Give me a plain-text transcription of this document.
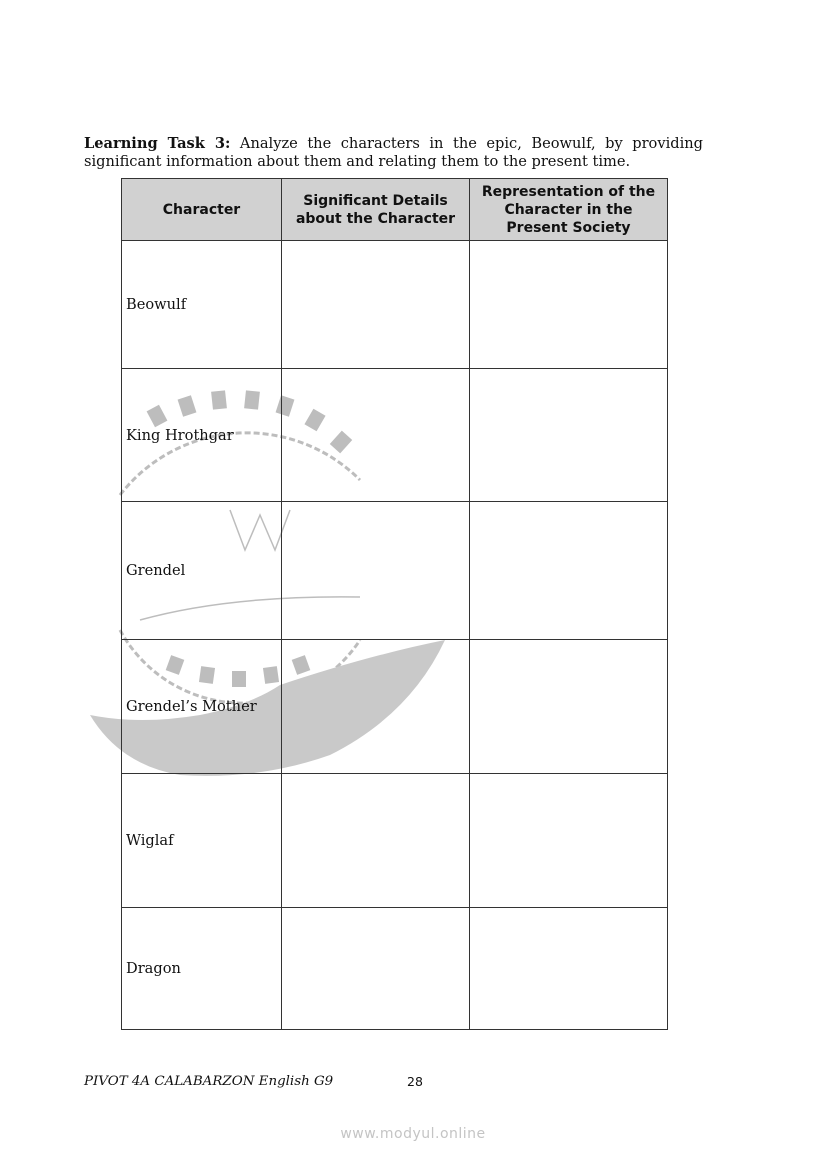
Learning Task 3: Analyze the characters in the epic, Beowulf, by providing significant information about them and relating them to the present time.

Character	Significant Details about the Character	Representation of the Character in the Present Society

Beowulf		
King Hrothgar		
Grendel		
Grendel’s Mother		
Wiglaf		
Dragon		
PIVOT 4A CALABARZON English G9	28
www.modyul.online
